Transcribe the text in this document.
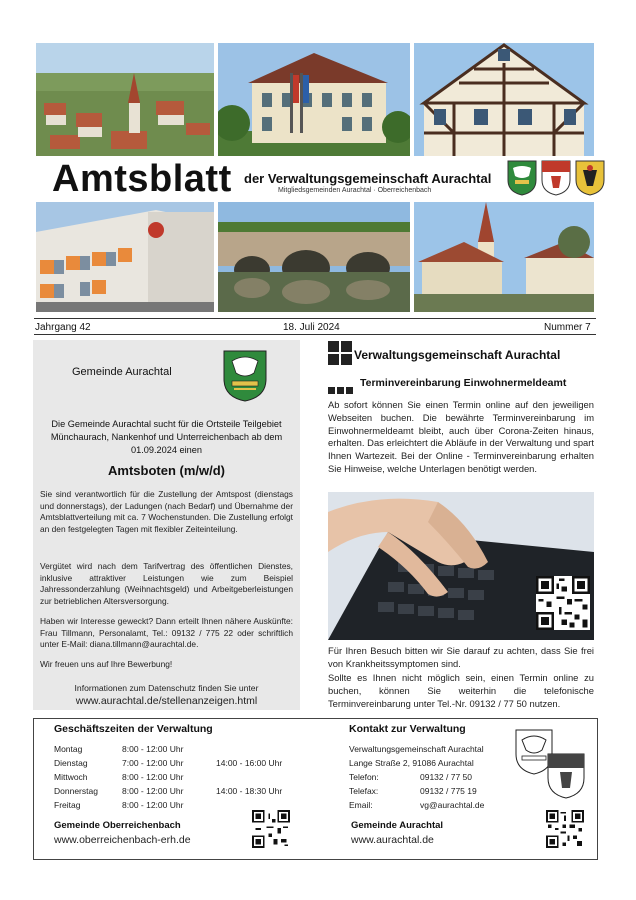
Amtsblatt der Verwaltungsgemeinschaft Aurachtal
Mitgliedsgemeinden Aurachtal · Oberreichenbach
Jahrgang 42	18. Juli 2024	Nummer 7
Gemeinde Aurachtal
Die Gemeinde Aurachtal sucht für die Ortsteile Teilgebiet Münchaurach, Nankenhof und Unterreichenbach ab dem 01.09.2024 einen
Amtsboten (m/w/d)
Sie sind verantwortlich für die Zustellung der Amtspost (dienstags und donnerstags), der Ladungen (nach Bedarf) und Übernahme der Amtsblattverteilung mit ca. 7 Wochenstunden. Die Zustellung erfolgt an den festgelegten Tagen mit flexibler Zeiteinteilung.
Vergütet wird nach dem Tarifvertrag des öffentlichen Dienstes, inklusive attraktiver Leistungen wie zum Beispiel Jahressonderzahlung (Weihnachtsgeld) und Arbeitgeberleistungen zur betrieblichen Altersversorgung.
Haben wir Interesse geweckt? Dann erteilt Ihnen nähere Auskünfte: Frau Tillmann, Personalamt, Tel.: 09132 / 775 22 oder schriftlich unter E-Mail: diana.tillmann@aurachtal.de.
Wir freuen uns auf Ihre Bewerbung!
Informationen zum Datenschutz finden Sie unter
www.aurachtal.de/stellenanzeigen.html
Verwaltungsgemeinschaft Aurachtal
Terminvereinbarung Einwohnermeldeamt
Ab sofort können Sie einen Termin online auf den jeweiligen Webseiten buchen. Die bewährte Terminvereinbarung im Einwohnermeldeamt bleibt, auch über Corona-Zeiten hinaus, erhalten. Das erleichtert die Abläufe in der Verwaltung und spart Ihnen Wartezeit. Bei der Online - Terminvereinbarung erhalten Sie Hinweise, welche Unterlagen benötigt werden.
Für Ihren Besuch bitten wir Sie darauf zu achten, dass Sie frei von Krankheitssymptomen sind.
Sollte es Ihnen nicht möglich sein, einen Termin online zu buchen, können Sie weiterhin die telefonische Terminvereinbarung unter Tel.-Nr. 09132 / 77 50 nutzen.
Geschäftszeiten der Verwaltung
Montag	8:00 - 12:00 Uhr
Dienstag	7:00 - 12:00 Uhr	14:00 - 16:00 Uhr
Mittwoch	8:00 - 12:00 Uhr
Donnerstag	8:00 - 12:00 Uhr	14:00 - 18:30 Uhr
Freitag	8:00 - 12:00 Uhr
Kontakt zur Verwaltung
Verwaltungsgemeinschaft Aurachtal
Lange Straße 2, 91086 Aurachtal
Telefon:	09132 / 77 50
Telefax:	09132 / 775 19
Email:	vg@aurachtal.de
Gemeinde Oberreichenbach
www.oberreichenbach-erh.de
Gemeinde Aurachtal
www.aurachtal.de
